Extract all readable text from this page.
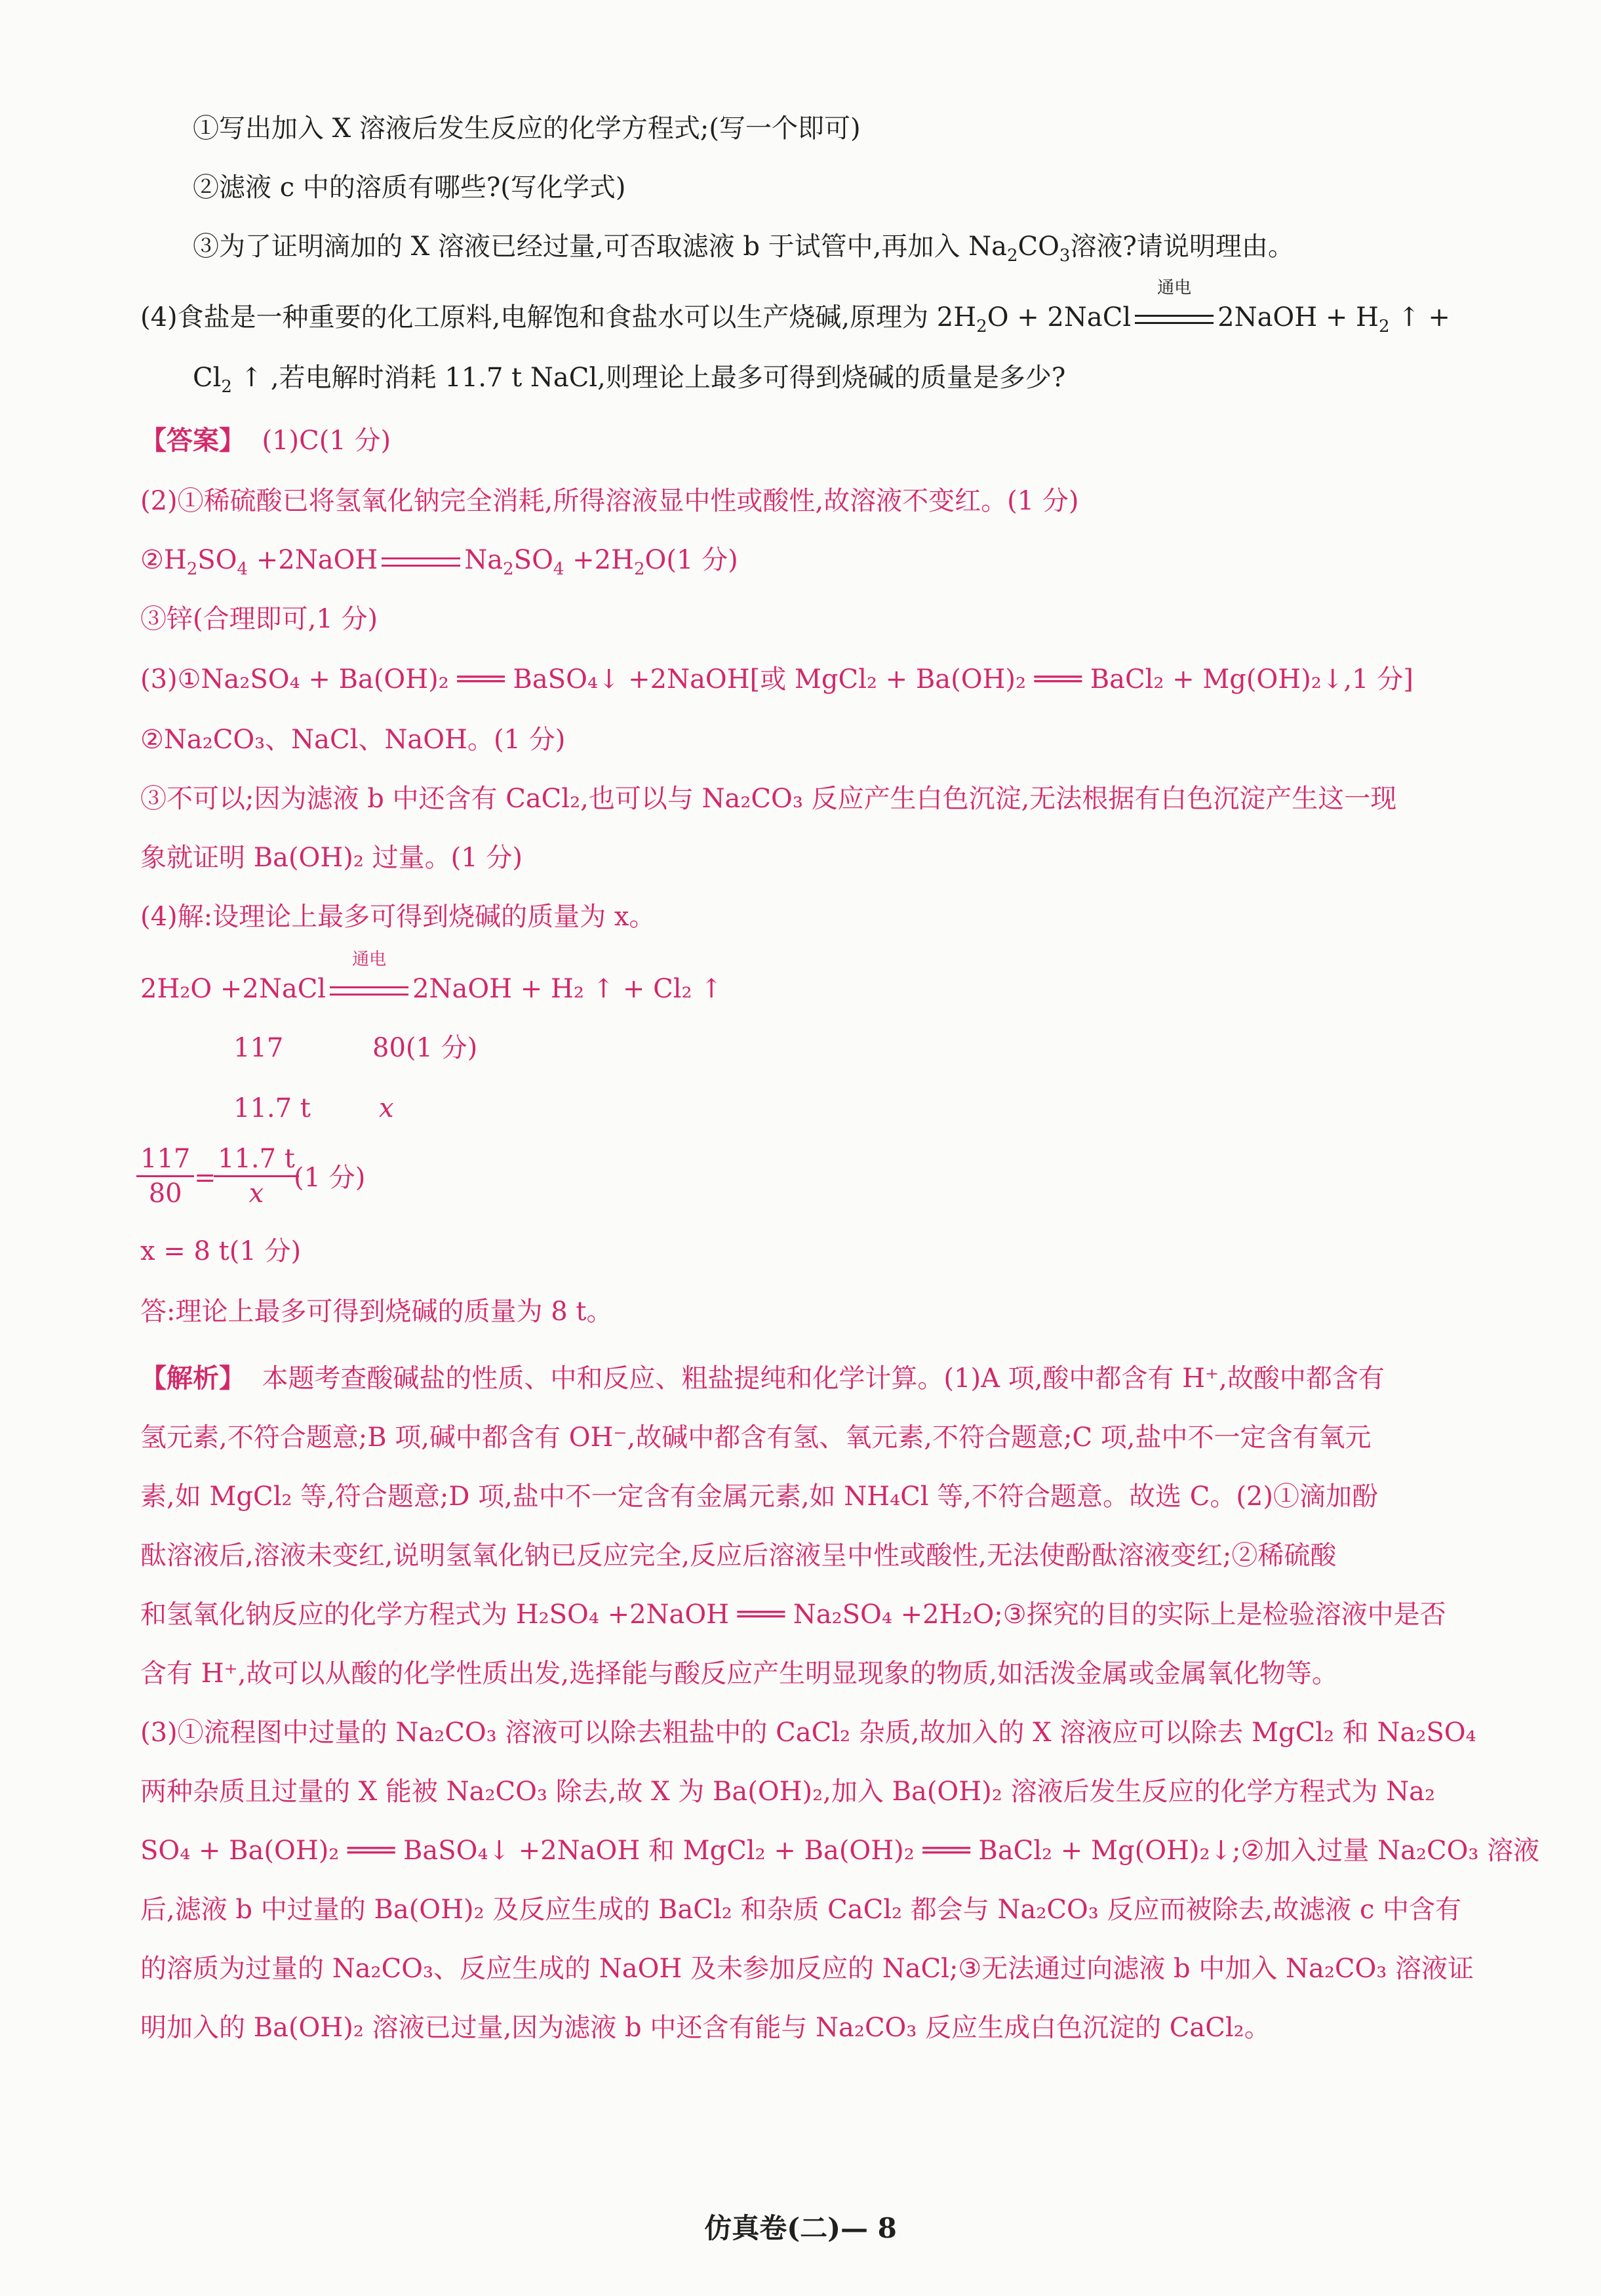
①写出加入 X 溶液后发生反应的化学方程式;(写一个即可)
②滤液 c 中的溶质有哪些?(写化学式)
③为了证明滴加的 X 溶液已经过量,可否取滤液 b 于试管中,再加入 $Na_2CO_3$溶液?请说明理由。
(4)食盐是一种重要的化工原料,电解饱和食盐水可以生产烧碱,原理为 $2H_2O$ + 2NaCl
通电
2NaOH + $H_2$ ↑ +
$Cl_2$ ↑ ,若电解时消耗 11.7 t NaCl,则理论上最多可得到烧碱的质量是多少?
【答案】 (1)C(1 分)
(2)①稀硫酸已将氢氧化钠完全消耗,所得溶液显中性或酸性,故溶液不变红。(1 分)
$②H_2SO_4$ +2NaOH	$Na_2SO_4 +2H_2O(1$ 分)
③锌(合理即可,1 分)
(3)①Na₂SO₄ + Ba(OH)₂ ═══ BaSO₄↓ +2NaOH[或 MgCl₂ + Ba(OH)₂ ═══ BaCl₂ + Mg(OH)₂↓,1 分]
②Na₂CO₃、NaCl、NaOH。(1 分)
③不可以;因为滤液 b 中还含有 CaCl₂,也可以与 Na₂CO₃ 反应产生白色沉淀,无法根据有白色沉淀产生这一现
象就证明 Ba(OH)₂ 过量。(1 分)
(4)解:设理论上最多可得到烧碱的质量为 x。
2H₂O +2NaCl
通电
2NaOH + H₂ ↑ + Cl₂ ↑
117	80(1 分)
11.7 t	x
$\frac{117}{80}$ =
$\frac{11.7 t}{x}$
(1 分)
x = 8 t(1 分)
答:理论上最多可得到烧碱的质量为 8 t。
【解析】 本题考查酸碱盐的性质、中和反应、粗盐提纯和化学计算。(1)A 项,酸中都含有 H⁺,故酸中都含有
氢元素,不符合题意;B 项,碱中都含有 OH⁻,故碱中都含有氢、氧元素,不符合题意;C 项,盐中不一定含有氧元
素,如 MgCl₂ 等,符合题意;D 项,盐中不一定含有金属元素,如 NH₄Cl 等,不符合题意。故选 C。(2)①滴加酚
酞溶液后,溶液未变红,说明氢氧化钠已反应完全,反应后溶液呈中性或酸性,无法使酚酞溶液变红;②稀硫酸
和氢氧化钠反应的化学方程式为 H₂SO₄ +2NaOH ═══ Na₂SO₄ +2H₂O;③探究的目的实际上是检验溶液中是否
含有 H⁺,故可以从酸的化学性质出发,选择能与酸反应产生明显现象的物质,如活泼金属或金属氧化物等。
(3)①流程图中过量的 Na₂CO₃ 溶液可以除去粗盐中的 CaCl₂ 杂质,故加入的 X 溶液应可以除去 MgCl₂ 和 Na₂SO₄
两种杂质且过量的 X 能被 Na₂CO₃ 除去,故 X 为 Ba(OH)₂,加入 Ba(OH)₂ 溶液后发生反应的化学方程式为 Na₂
SO₄ + Ba(OH)₂ ═══ BaSO₄↓ +2NaOH 和 MgCl₂ + Ba(OH)₂ ═══ BaCl₂ + Mg(OH)₂↓;②加入过量 Na₂CO₃ 溶液
后,滤液 b 中过量的 Ba(OH)₂ 及反应生成的 BaCl₂ 和杂质 CaCl₂ 都会与 Na₂CO₃ 反应而被除去,故滤液 c 中含有
的溶质为过量的 Na₂CO₃、反应生成的 NaOH 及未参加反应的 NaCl;③无法通过向滤液 b 中加入 Na₂CO₃ 溶液证
明加入的 Ba(OH)₂ 溶液已过量,因为滤液 b 中还含有能与 Na₂CO₃ 反应生成白色沉淀的 CaCl₂。
仿真卷(二)— 8
